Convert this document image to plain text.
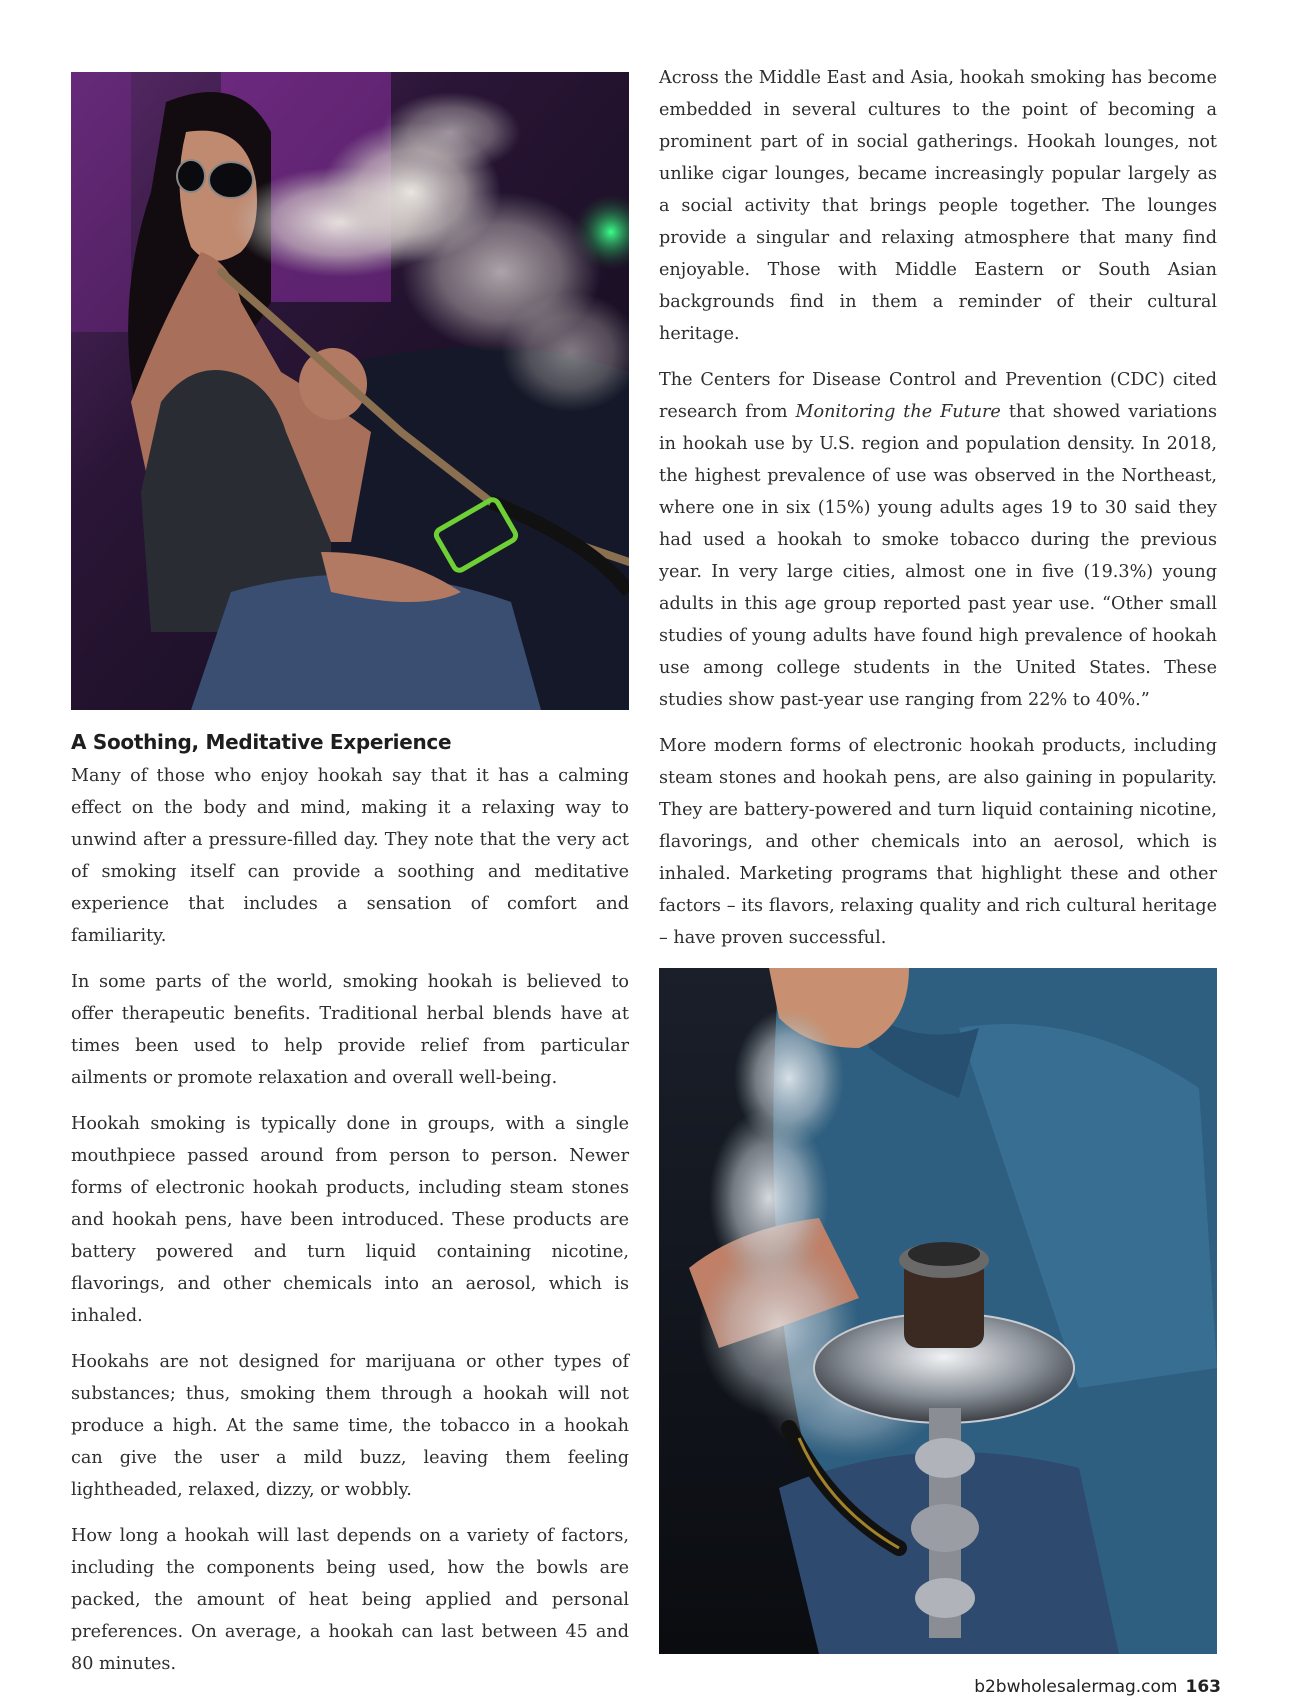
A Soothing, Meditative Experience

Many of those who enjoy hookah say that it has a calming effect on the body and mind, making it a relaxing way to unwind after a pressure-filled day. They note that the very act of smoking itself can provide a soothing and meditative experience that includes a sensation of comfort and familiarity.

In some parts of the world, smoking hookah is believed to offer therapeutic benefits. Traditional herbal blends have at times been used to help provide relief from particular ailments or promote relaxation and overall well-being.

Hookah smoking is typically done in groups, with a single mouthpiece passed around from person to person. Newer forms of electronic hookah products, including steam stones and hookah pens, have been introduced. These products are battery powered and turn liquid containing nicotine, flavorings, and other chemicals into an aerosol, which is inhaled.

Hookahs are not designed for marijuana or other types of substances; thus, smoking them through a hookah will not produce a high. At the same time, the tobacco in a hookah can give the user a mild buzz, leaving them feeling lightheaded, relaxed, dizzy, or wobbly.

How long a hookah will last depends on a variety of factors, including the components being used, how the bowls are packed, the amount of heat being applied and personal preferences. On average, a hookah can last between 45 and 80 minutes.

Across the Middle East and Asia, hookah smoking has become embedded in several cultures to the point of becoming a prominent part of in social gatherings. Hookah lounges, not unlike cigar lounges, became increasingly popular largely as a social activity that brings people together. The lounges provide a singular and relaxing atmosphere that many find enjoyable. Those with Middle Eastern or South Asian backgrounds find in them a reminder of their cultural heritage.

The Centers for Disease Control and Prevention (CDC) cited research from Monitoring the Future that showed variations in hookah use by U.S. region and population density. In 2018, the highest prevalence of use was observed in the Northeast, where one in six (15%) young adults ages 19 to 30 said they had used a hookah to smoke tobacco during the previous year. In very large cities, almost one in five (19.3%) young adults in this age group reported past year use. “Other small studies of young adults have found high prevalence of hookah use among college students in the United States. These studies show past-year use ranging from 22% to 40%.”

More modern forms of electronic hookah products, including steam stones and hookah pens, are also gaining in popularity. They are battery-powered and turn liquid containing nicotine, flavorings, and other chemicals into an aerosol, which is inhaled. Marketing programs that highlight these and other factors – its flavors, relaxing quality and rich cultural heritage – have proven successful.

b2bwholesalermag.com 163
